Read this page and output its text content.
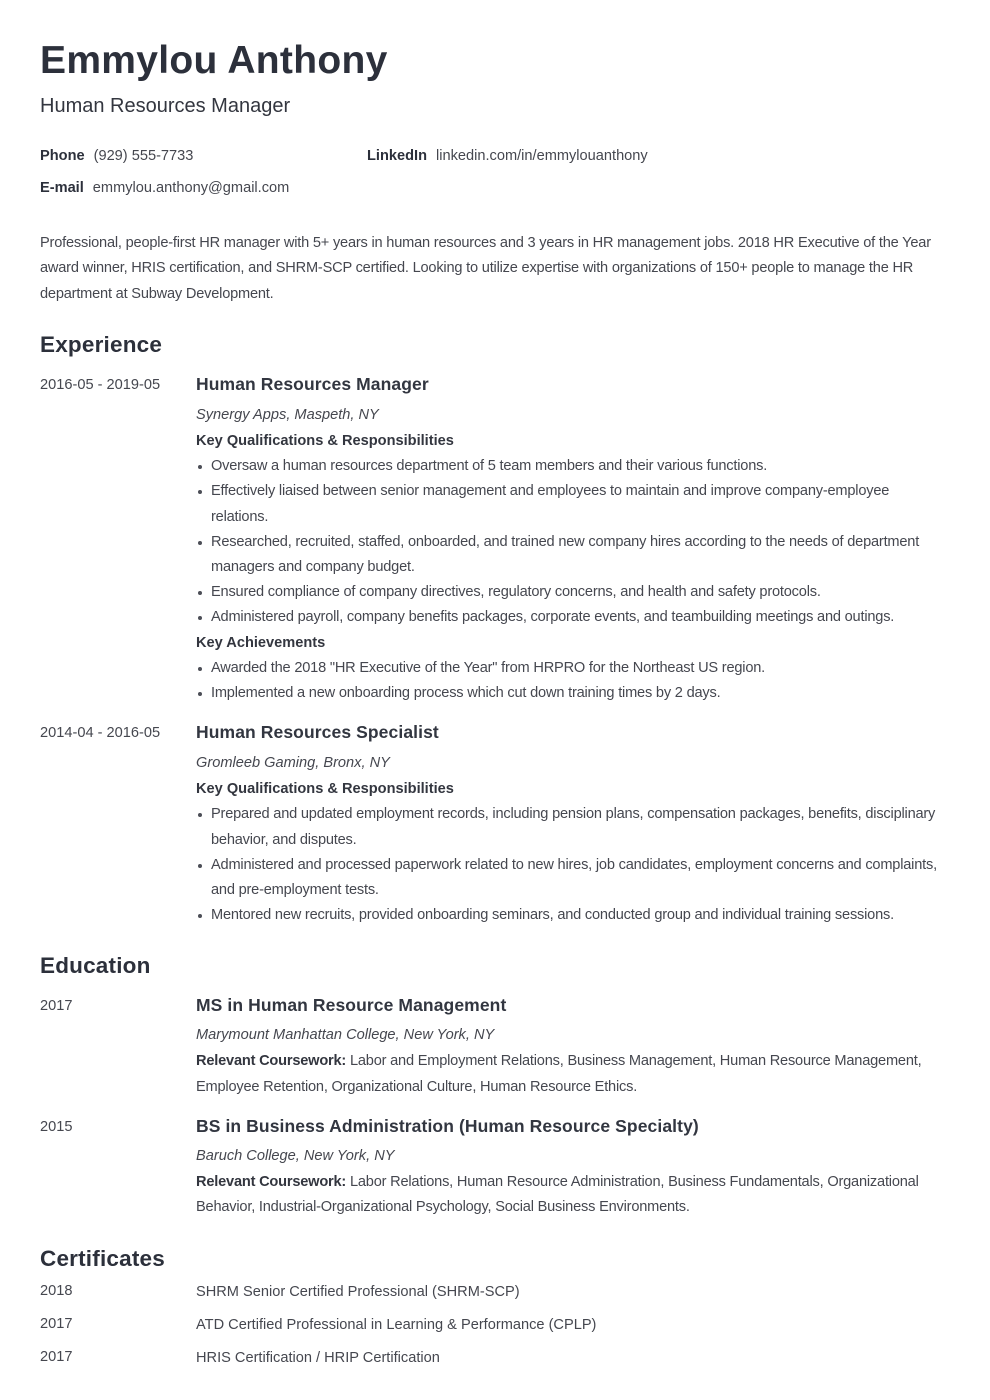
Emmylou Anthony

Human Resources Manager

Phone (929) 555-7733	LinkedIn linkedin.com/in/emmylouanthony
E-mail emmylou.anthony@gmail.com

Professional, people-first HR manager with 5+ years in human resources and 3 years in HR management jobs. 2018 HR Executive of the Year award winner, HRIS certification, and SHRM-SCP certified. Looking to utilize expertise with organizations of 150+ people to manage the HR department at Subway Development.

Experience
2016-05 - 2019-05	Human Resources Manager

Synergy Apps, Maspeth, NY

Key Qualifications & Responsibilities

Oversaw a human resources department of 5 team members and their various functions.
Effectively liaised between senior management and employees to maintain and improve company-employee relations.
Researched, recruited, staffed, onboarded, and trained new company hires according to the needs of department managers and company budget.
Ensured compliance of company directives, regulatory concerns, and health and safety protocols.
Administered payroll, company benefits packages, corporate events, and teambuilding meetings and outings.

Key Achievements

Awarded the 2018 "HR Executive of the Year" from HRPRO for the Northeast US region.
Implemented a new onboarding process which cut down training times by 2 days.
2014-04 - 2016-05	Human Resources Specialist

Gromleeb Gaming, Bronx, NY

Key Qualifications & Responsibilities

Prepared and updated employment records, including pension plans, compensation packages, benefits, disciplinary behavior, and disputes.
Administered and processed paperwork related to new hires, job candidates, employment concerns and complaints, and pre-employment tests.
Mentored new recruits, provided onboarding seminars, and conducted group and individual training sessions.
Education
2017	MS in Human Resource Management

Marymount Manhattan College, New York, NY

Relevant Coursework: Labor and Employment Relations, Business Management, Human Resource Management, Employee Retention, Organizational Culture, Human Resource Ethics.

2015	BS in Business Administration (Human Resource Specialty)

Baruch College, New York, NY

Relevant Coursework: Labor Relations, Human Resource Administration, Business Fundamentals, Organizational Behavior, Industrial-Organizational Psychology, Social Business Environments.

Certificates
2018	SHRM Senior Certified Professional (SHRM-SCP)
2017	ATD Certified Professional in Learning & Performance (CPLP)
2017	HRIS Certification / HRIP Certification
